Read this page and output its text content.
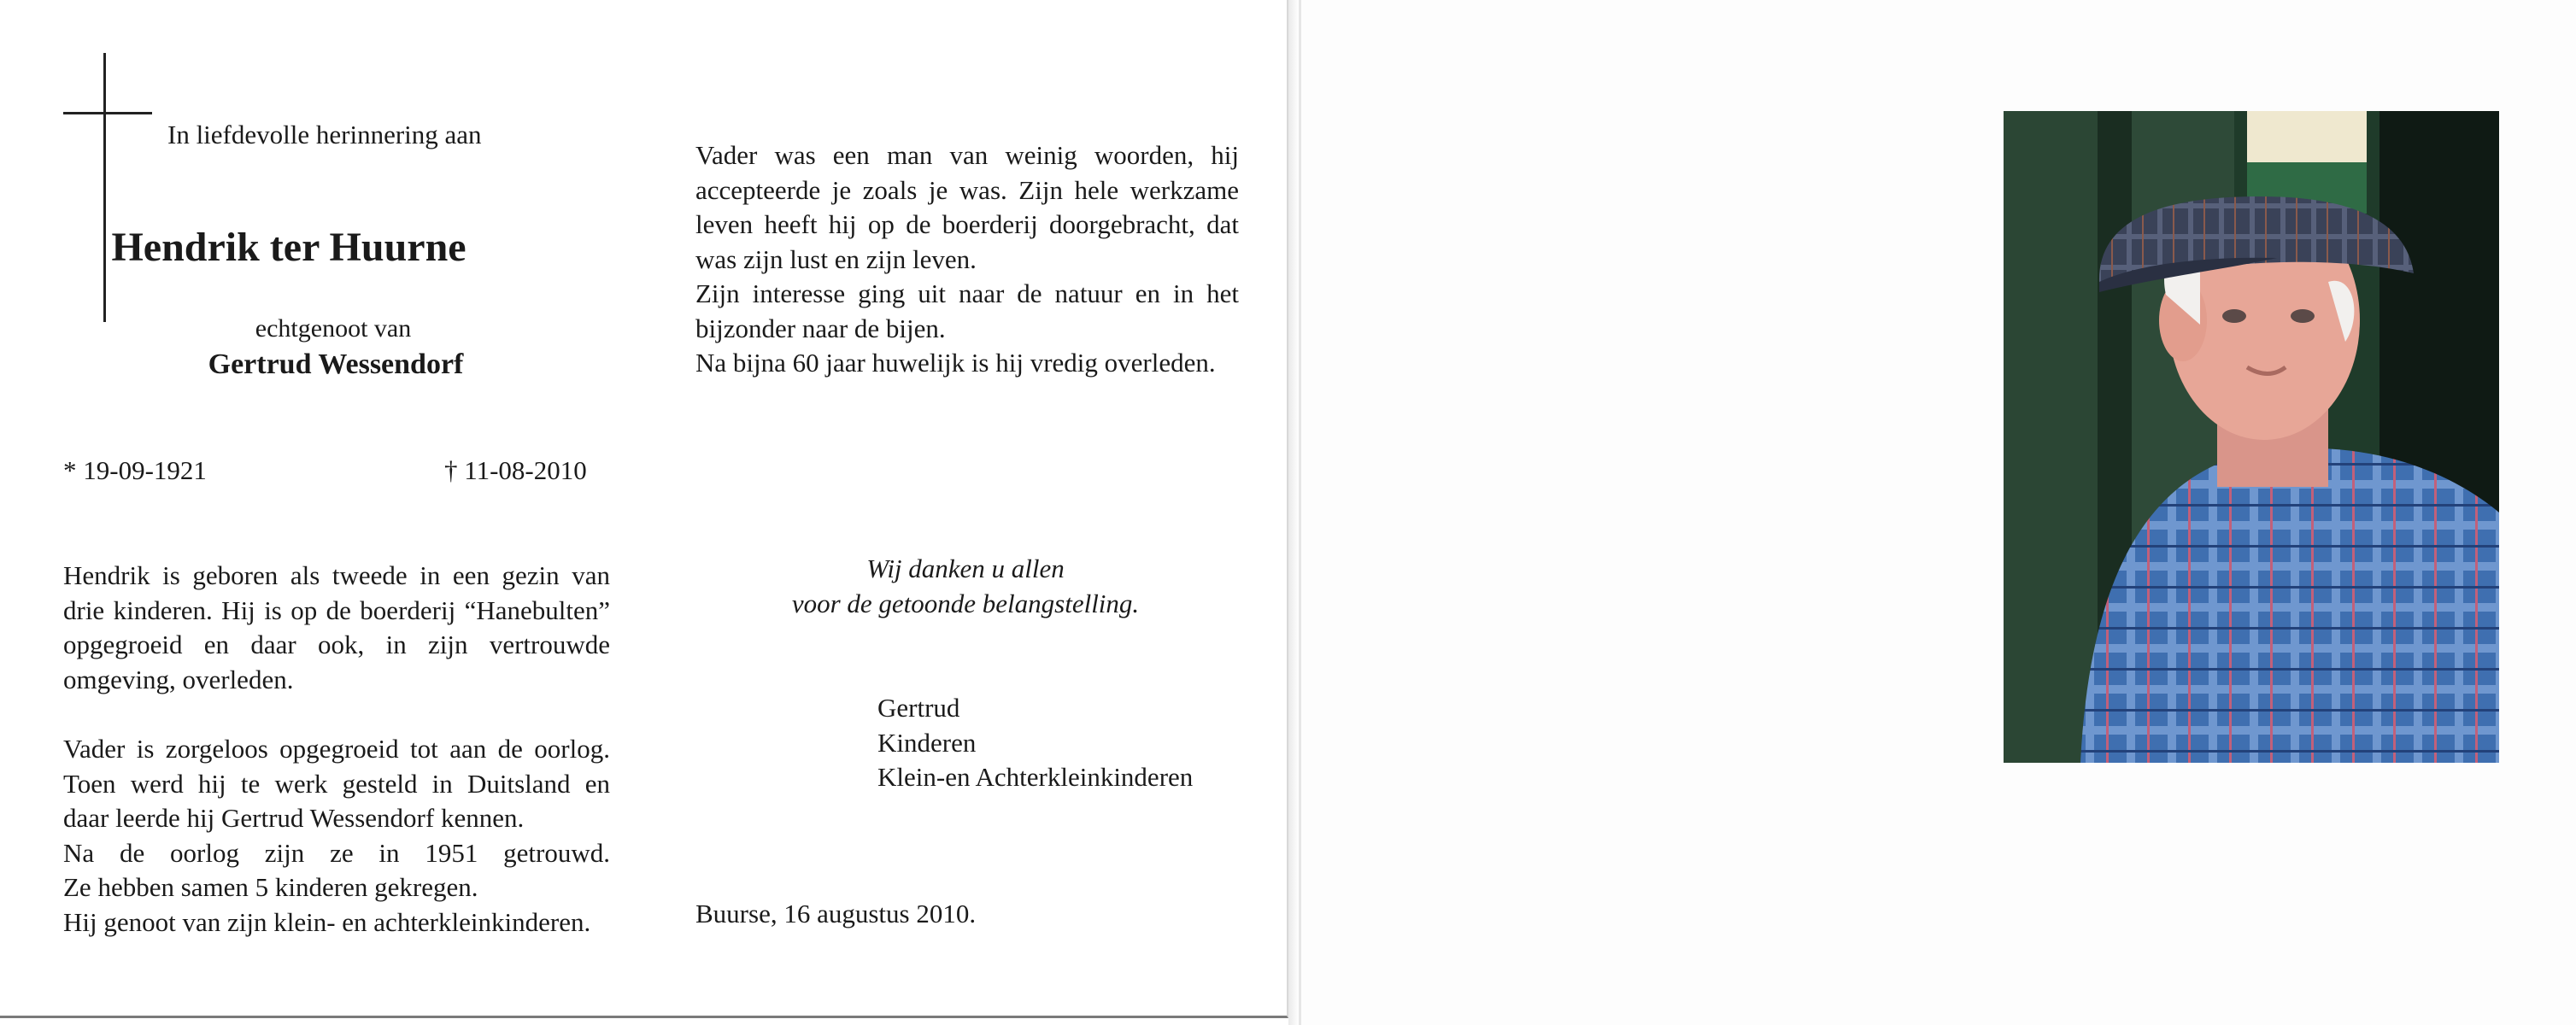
In liefdevolle herinnering aan

Hendrik ter Huurne

echtgenoot van

Gertrud Wessendorf

* 19-09-1921	† 11-08-2010

Hendrik is geboren als tweede in een gezin van
drie kinderen. Hij is op de boerderij “Hanebulten”
opgegroeid en daar ook, in zijn vertrouwde
omgeving, overleden.
Vader is zorgeloos opgegroeid tot aan de oorlog.
Toen werd hij te werk gesteld in Duitsland en
daar leerde hij Gertrud Wessendorf kennen.
Na de oorlog zijn ze in 1951 getrouwd.
Ze hebben samen 5 kinderen gekregen.
Hij genoot van zijn klein- en achterkleinkinderen.
Vader was een man van weinig woorden, hij
accepteerde je zoals je was. Zijn hele werkzame
leven heeft hij op de boerderij doorgebracht, dat
was zijn lust en zijn leven.
Zijn interesse ging uit naar de natuur en in het
bijzonder naar de bijen.
Na bijna 60 jaar huwelijk is hij vredig overleden.
Wij danken u allen
voor de getoonde belangstelling.
Gertrud
Kinderen
Klein-en Achterkleinkinderen

Buurse, 16 augustus 2010.
